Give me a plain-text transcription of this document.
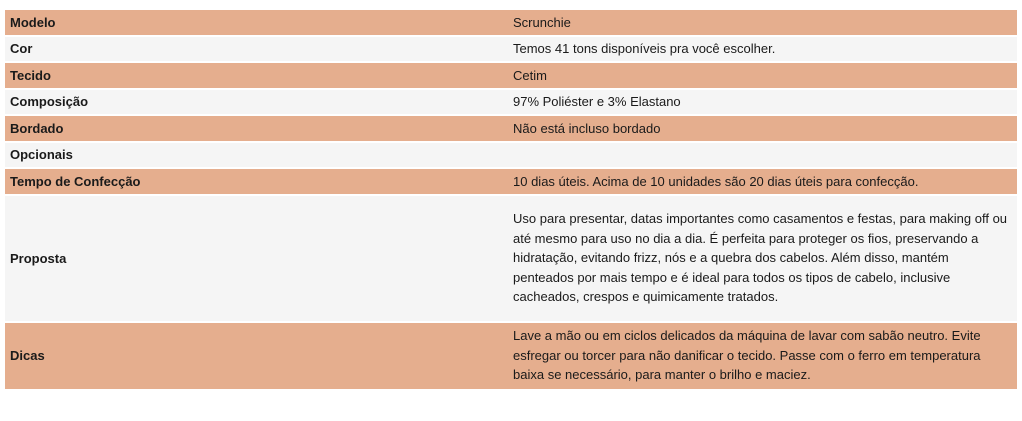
Modelo	Scrunchie
Cor	Temos 41 tons disponíveis pra você escolher.
Tecido	Cetim
Composição	97% Poliéster e 3% Elastano
Bordado	Não está incluso bordado
Opcionais	
Tempo de Confecção	10 dias úteis. Acima de 10 unidades são 20 dias úteis para confecção.
Proposta	Uso para presentar, datas importantes como casamentos e festas, para making off ou até mesmo para uso no dia a dia. É perfeita para proteger os fios, preservando a hidratação, evitando frizz, nós e a quebra dos cabelos. Além disso, mantém penteados por mais tempo e é ideal para todos os tipos de cabelo, inclusive cacheados, crespos e quimicamente tratados.
Dicas	Lave a mão ou em ciclos delicados da máquina de lavar com sabão neutro. Evite esfregar ou torcer para não danificar o tecido. Passe com o ferro em temperatura baixa se necessário, para manter o brilho e maciez.
